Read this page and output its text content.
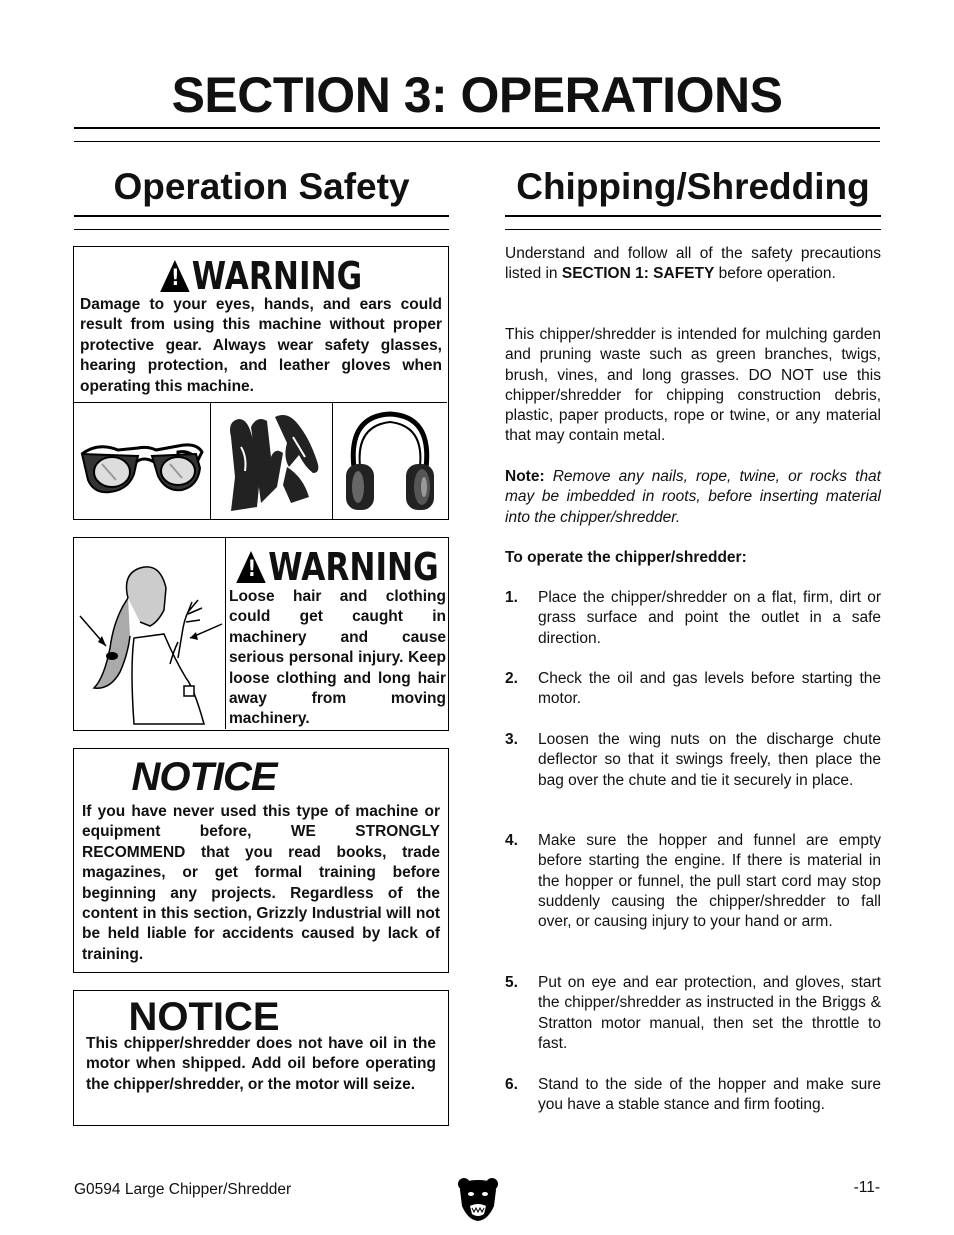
SECTION 3: OPERATIONS
Operation Safety	Chipping/Shredding
!
WARNING
Damage to your eyes, hands, and ears could result from using this machine without proper protective gear. Always wear safety glasses, hearing protection, and leather gloves when operating this machine.
!
WARNING
Loose hair and clothing could get caught in machinery and cause serious personal injury. Keep loose clothing and long hair away from moving machinery.
NOTICE
If you have never used this type of machine or equipment before, WE STRONGLY RECOMMEND that you read books, trade magazines, or get formal training before beginning any projects. Regardless of the content in this section, Grizzly Industrial will not be held liable for accidents caused by lack of training.
NOTICE
This chipper/shredder does not have oil in the motor when shipped. Add oil before operating the chipper/shredder, or the motor will seize.
Understand and follow all of the safety precautions listed in SECTION 1: SAFETY before operation.
This chipper/shredder is intended for mulching garden and pruning waste such as green branches, twigs, brush, vines, and long grasses. DO NOT use this chipper/shredder for chipping construction debris, plastic, paper products, rope or twine, or any material that may contain metal.
Note: Remove any nails, rope, twine, or rocks that may be imbedded in roots, before inserting material into the chipper/shredder.
To operate the chipper/shredder:
1.	Place the chipper/shredder on a flat, firm, dirt or grass surface and point the outlet in a safe direction.
2.	Check the oil and gas levels before starting the motor.
3.	Loosen the wing nuts on the discharge chute deflector so that it swings freely, then place the bag over the chute and tie it securely in place.
4.	Make sure the hopper and funnel are empty before starting the engine. If there is material in the hopper or funnel, the pull start cord may stop suddenly causing the chipper/shredder to fall over, or causing injury to your hand or arm.
5.	Put on eye and ear protection, and gloves, start the chipper/shredder as instructed in the Briggs & Stratton motor manual, then set the throttle to fast.
6.	Stand to the side of the hopper and make sure you have a stable stance and firm footing.
G0594 Large Chipper/Shredder	-11-
